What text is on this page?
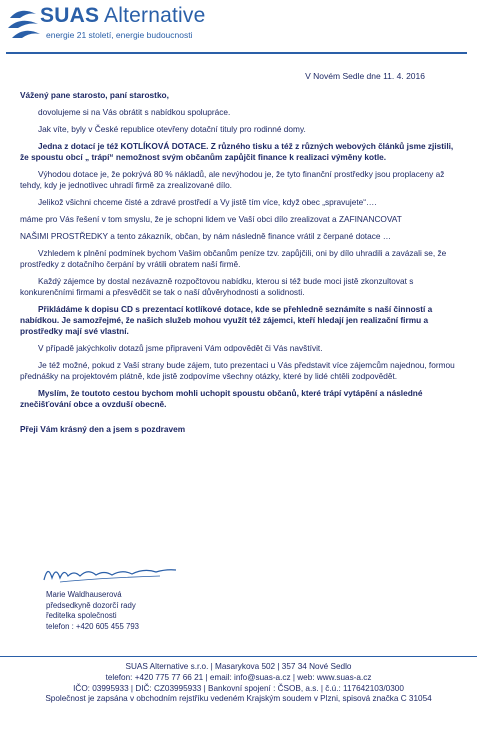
SUAS Alternative
energie 21 století, energie budoucnosti
V Novém Sedle dne 11. 4. 2016

Vážený pane starosto, paní starostko,

dovolujeme si na Vás obrátit s nabídkou spolupráce.

Jak víte, byly v České republice otevřeny dotační tituly pro rodinné domy.

Jedna z dotací je též KOTLÍKOVÁ DOTACE. Z různého tisku a též z různých webových článků jsme zjistili, že spoustu obcí „ trápí“ nemožnost svým občanům zapůjčit finance k realizaci výměny kotle.

Výhodou dotace je, že pokrývá 80 % nákladů, ale nevýhodou je, že tyto finanční prostředky jsou proplaceny až tehdy, kdy je jednotlivec uhradí firmě za zrealizované dílo.

Jelikož všichni chceme čisté a zdravé prostředí a Vy jistě tím více, když obec „spravujete“….

máme pro Vás řešení v tom smyslu, že je schopni lidem ve Vaší obci dílo zrealizovat a ZAFINANCOVAT

NAŠIMI PROSTŘEDKY a tento zákazník, občan, by nám následně finance vrátil z čerpané dotace …

Vzhledem k plnění podmínek bychom Vašim občanům peníze tzv. zapůjčili, oni by dílo uhradili a zavázali se, že prostředky z dotačního čerpání by vrátili obratem naší firmě.

Každý zájemce by dostal nezávazně rozpočtovou nabídku, kterou si též bude moci jistě zkonzultovat s konkurenčními firmami a přesvědčit se tak o naší důvěryhodnosti a solidnosti.

Přikládáme k dopisu CD s prezentací kotlíkové dotace, kde se přehledně seznámíte s naší činností a nabídkou. Je samozřejmé, že našich služeb mohou využít též zájemci, kteří hledají jen realizační firmu a prostředky mají své vlastní.

V případě jakýchkoliv dotazů jsme připraveni Vám odpovědět či Vás navštívit.

Je též možné, pokud z Vaší strany bude zájem, tuto prezentaci u Vás představit více zájemcům najednou, formou přednášky na projektovém plátně, kde jistě zodpovíme všechny otázky, které by lidé chtěli zodpovědět.

Myslím, že toutoto cestou bychom mohli uchopit spoustu občanů, které trápí vytápění a následné znečišťování obce a ovzduší obecně.

Přeji Vám krásný den a jsem s pozdravem

Marie Waldhauserová
předsedkyně dozorčí rady
ředitelka společnosti
telefon : +420 605 455 793
SUAS Alternative s.r.o. | Masarykova 502 | 357 34 Nové Sedlo
telefon: +420 775 77 66 21 | email: info@suas-a.cz | web: www.suas-a.cz
IČO: 03995933 | DIČ: CZ03995933 | Bankovní spojení : ČSOB, a.s. | č.ú.: 117642103/0300
Společnost je zapsána v obchodním rejstříku vedeném Krajským soudem v Plzni, spisová značka C 31054
